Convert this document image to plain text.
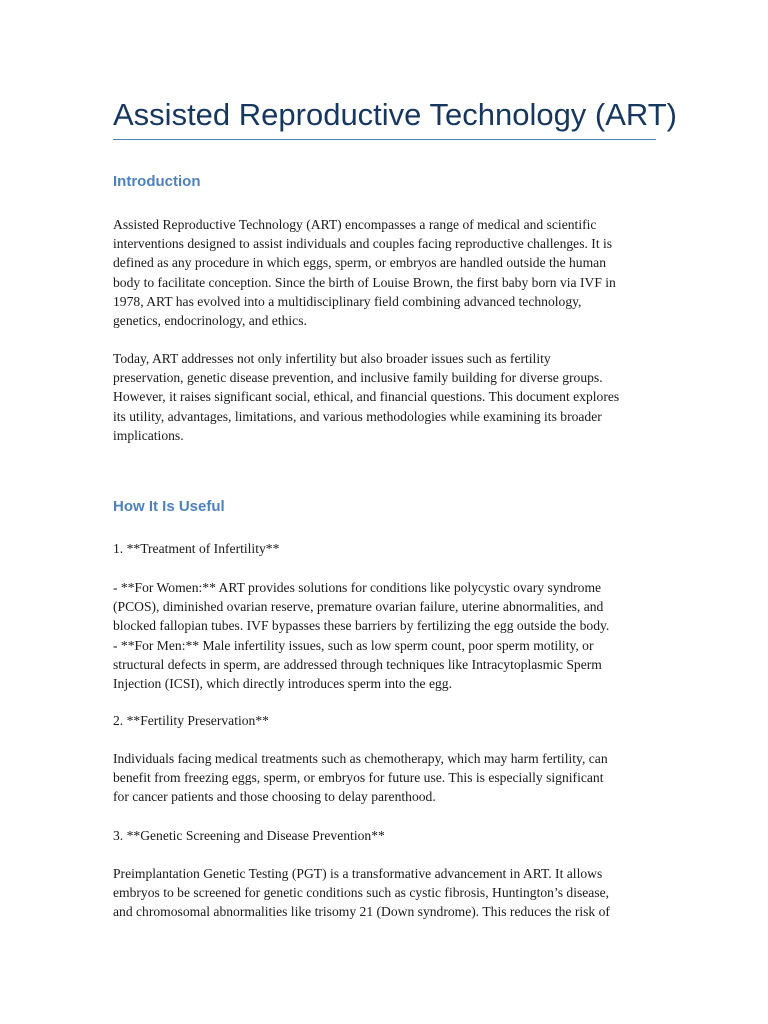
Assisted Reproductive Technology (ART)
Introduction
Assisted Reproductive Technology (ART) encompasses a range of medical and scientific
interventions designed to assist individuals and couples facing reproductive challenges. It is
defined as any procedure in which eggs, sperm, or embryos are handled outside the human
body to facilitate conception. Since the birth of Louise Brown, the first baby born via IVF in
1978, ART has evolved into a multidisciplinary field combining advanced technology,
genetics, endocrinology, and ethics.
Today, ART addresses not only infertility but also broader issues such as fertility
preservation, genetic disease prevention, and inclusive family building for diverse groups.
However, it raises significant social, ethical, and financial questions. This document explores
its utility, advantages, limitations, and various methodologies while examining its broader
implications.
How It Is Useful
1. **Treatment of Infertility**
- **For Women:** ART provides solutions for conditions like polycystic ovary syndrome
(PCOS), diminished ovarian reserve, premature ovarian failure, uterine abnormalities, and
blocked fallopian tubes. IVF bypasses these barriers by fertilizing the egg outside the body.
- **For Men:** Male infertility issues, such as low sperm count, poor sperm motility, or
structural defects in sperm, are addressed through techniques like Intracytoplasmic Sperm
Injection (ICSI), which directly introduces sperm into the egg.
2. **Fertility Preservation**
Individuals facing medical treatments such as chemotherapy, which may harm fertility, can
benefit from freezing eggs, sperm, or embryos for future use. This is especially significant
for cancer patients and those choosing to delay parenthood.
3. **Genetic Screening and Disease Prevention**
Preimplantation Genetic Testing (PGT) is a transformative advancement in ART. It allows
embryos to be screened for genetic conditions such as cystic fibrosis, Huntington’s disease,
and chromosomal abnormalities like trisomy 21 (Down syndrome). This reduces the risk of
